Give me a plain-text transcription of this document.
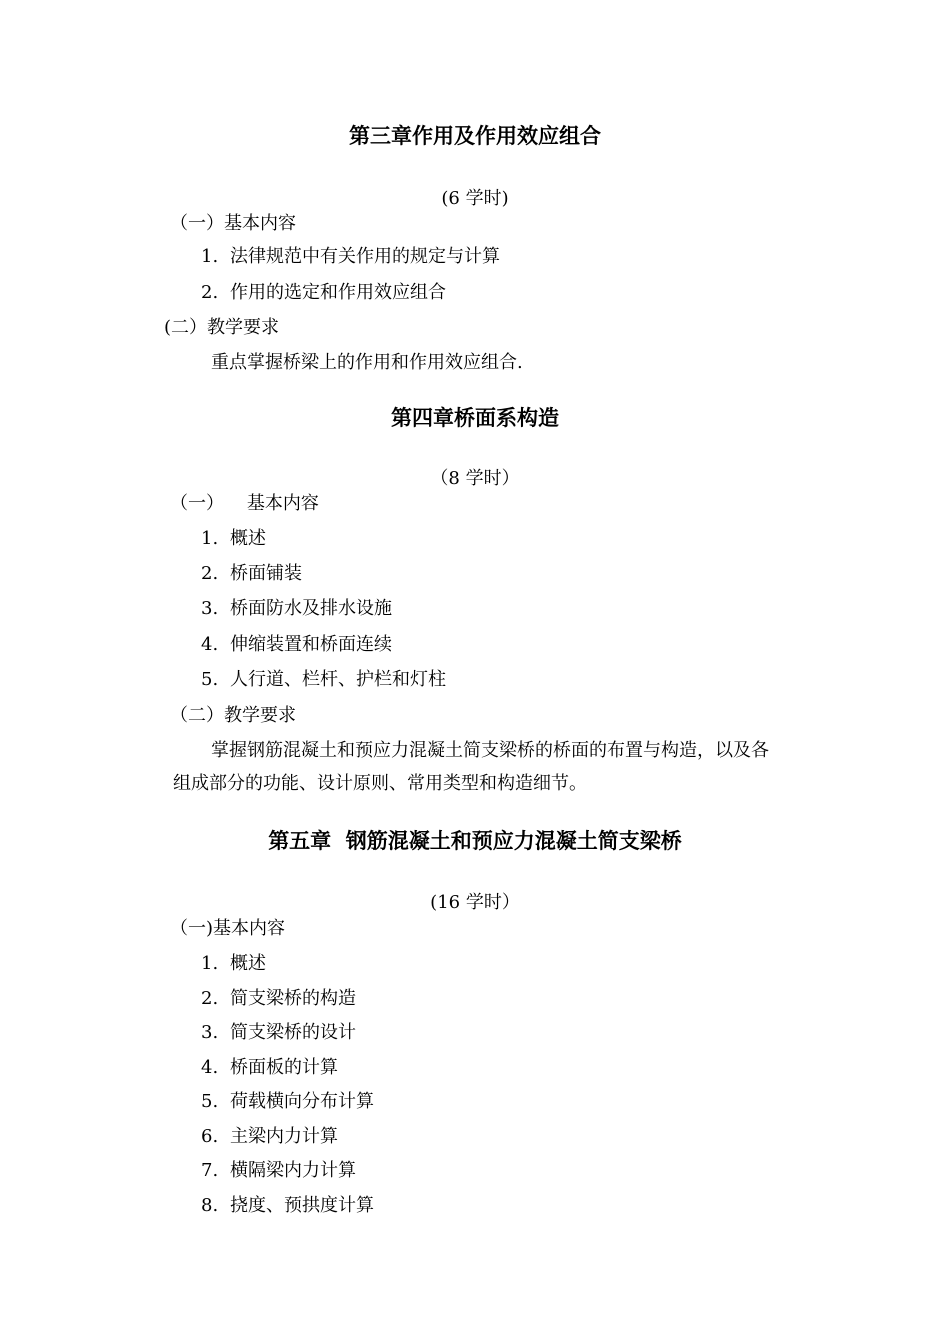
第三章作用及作用效应组合
(6 学时)
（一）基本内容
1. 法律规范中有关作用的规定与计算
2. 作用的选定和作用效应组合
(二）教学要求
重点掌握桥梁上的作用和作用效应组合.
第四章桥面系构造
（8 学时）
（一）    基本内容
1. 概述
2. 桥面铺装
3. 桥面防水及排水设施
4. 伸缩装置和桥面连续
5. 人行道、栏杆、护栏和灯柱
（二）教学要求
掌握钢筋混凝土和预应力混凝土简支梁桥的桥面的布置与构造，以及各
组成部分的功能、设计原则、常用类型和构造细节。
第五章  钢筋混凝土和预应力混凝土简支梁桥
(16 学时）
（一)基本内容
1. 概述
2. 简支梁桥的构造
3. 简支梁桥的设计
4. 桥面板的计算
5. 荷载横向分布计算
6. 主梁内力计算
7. 横隔梁内力计算
8. 挠度、预拱度计算
